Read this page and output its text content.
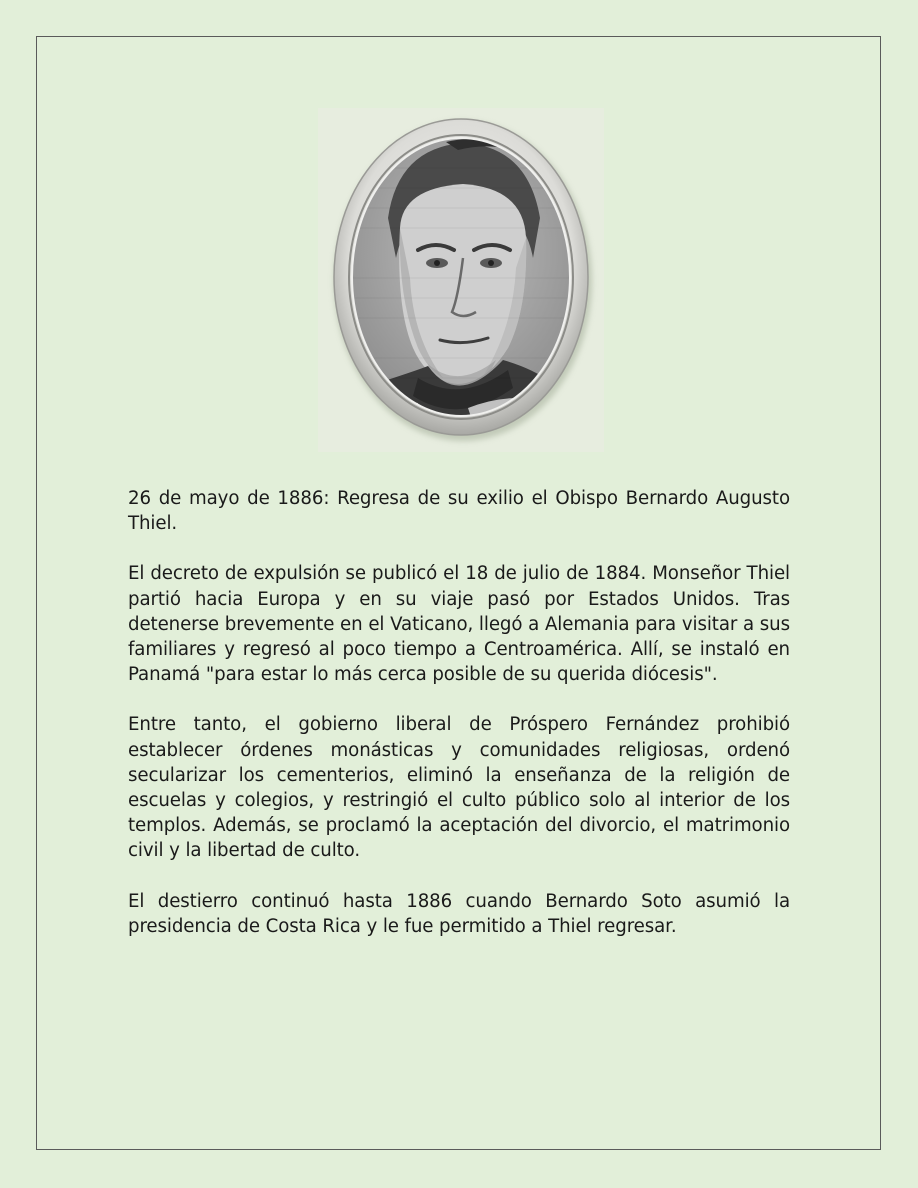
26 de mayo de 1886: Regresa de su exilio el Obispo Bernardo Augusto Thiel.

El decreto de expulsión se publicó el 18 de julio de 1884. Monseñor Thiel partió hacia Europa y en su viaje pasó por Estados Unidos. Tras detenerse brevemente en el Vaticano, llegó a Alemania para visitar a sus familiares y regresó al poco tiempo a Centroamérica. Allí, se instaló en Panamá "para estar lo más cerca posible de su querida diócesis".

Entre tanto, el gobierno liberal de Próspero Fernández prohibió establecer órdenes monásticas y comunidades religiosas, ordenó secularizar los cementerios, eliminó la enseñanza de la religión de escuelas y colegios, y restringió el culto público solo al interior de los templos. Además, se proclamó la aceptación del divorcio, el matrimonio civil y la libertad de culto.

El destierro continuó hasta 1886 cuando Bernardo Soto asumió la presidencia de Costa Rica y le fue permitido a Thiel regresar.
